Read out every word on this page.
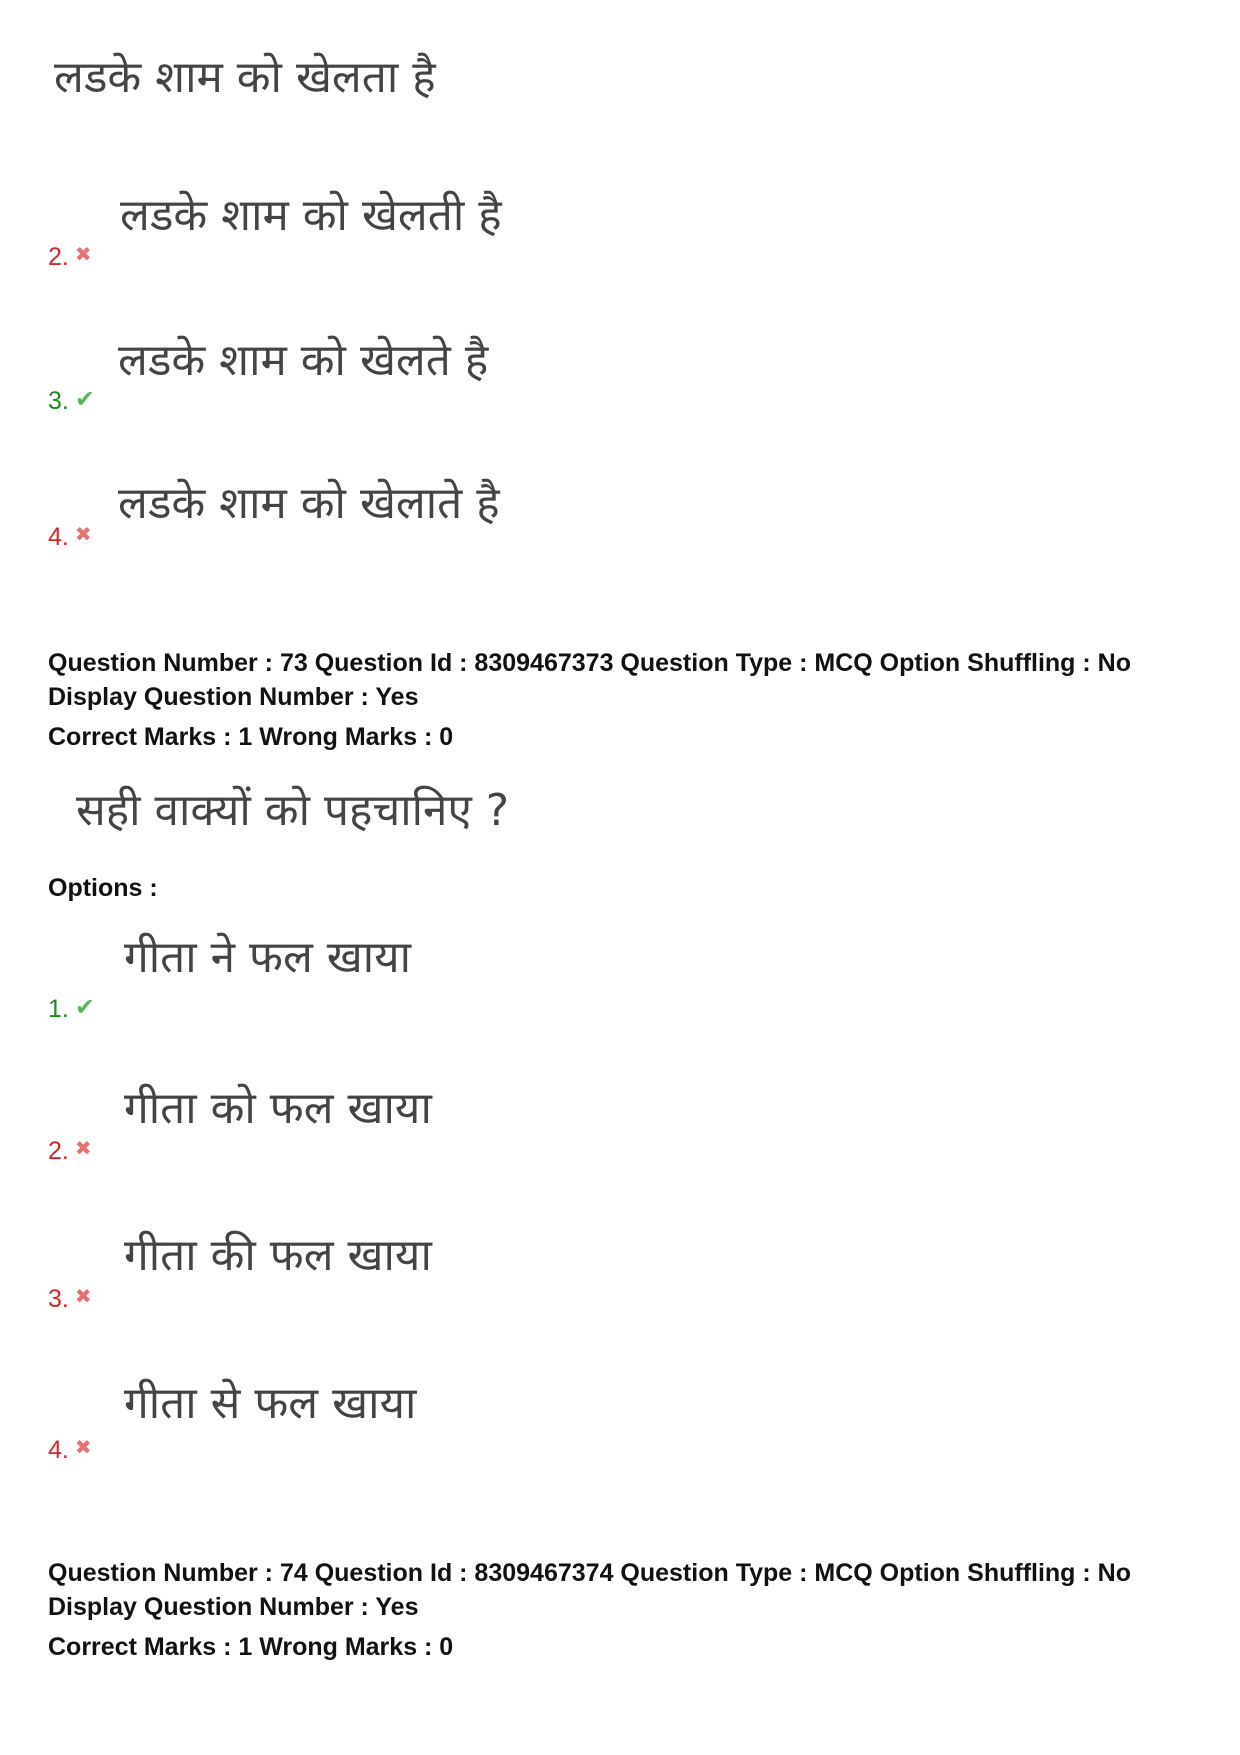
लडके शाम को खेलता है
लडके शाम को खेलती है
2. ✖
लडके शाम को खेलते है
3. ✔
लडके शाम को खेलाते है
4. ✖
Question Number : 73 Question Id : 8309467373 Question Type : MCQ Option Shuffling : No
Display Question Number : Yes
Correct Marks : 1 Wrong Marks : 0
सही वाक्यों को पहचानिए ?
Options :
गीता ने फल खाया
1. ✔
गीता को फल खाया
2. ✖
गीता की फल खाया
3. ✖
गीता से फल खाया
4. ✖
Question Number : 74 Question Id : 8309467374 Question Type : MCQ Option Shuffling : No
Display Question Number : Yes
Correct Marks : 1 Wrong Marks : 0
